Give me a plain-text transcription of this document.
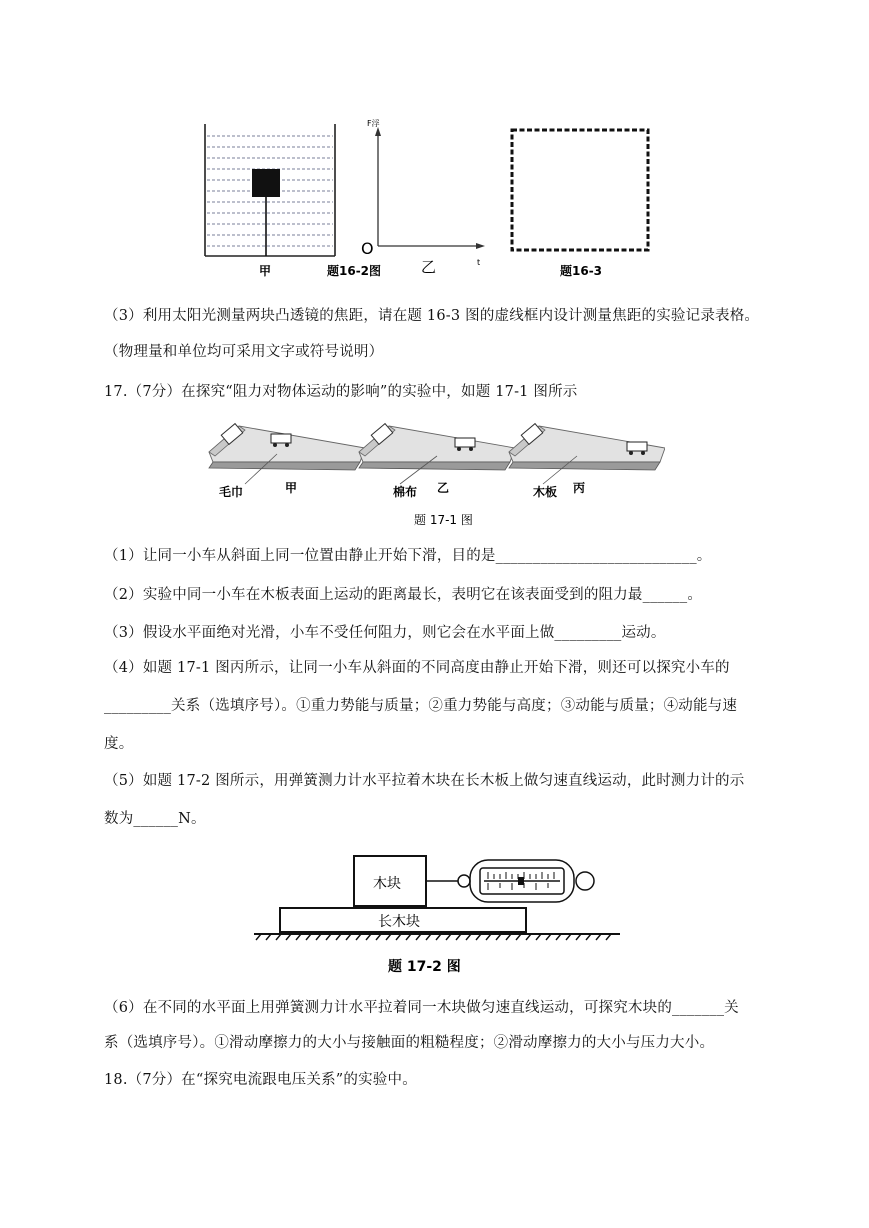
甲	题16-2图
F浮
O
乙	t
题16-3
（3）利用太阳光测量两块凸透镜的焦距，请在题 16-3 图的虚线框内设计测量焦距的实验记录表格。
（物理量和单位均可采用文字或符号说明）
17.（7分）在探究“阻力对物体运动的影响”的实验中，如题 17-1 图所示
毛巾	甲	棉布 乙	木板 丙
题 17-1 图
（1）让同一小车从斜面上同一位置由静止开始下滑，目的是___________________________。
（2）实验中同一小车在木板表面上运动的距离最长，表明它在该表面受到的阻力最______。
（3）假设水平面绝对光滑，小车不受任何阻力，则它会在水平面上做_________运动。
（4）如题 17-1 图丙所示，让同一小车从斜面的不同高度由静止开始下滑，则还可以探究小车的
_________关系（选填序号）。①重力势能与质量；②重力势能与高度；③动能与质量；④动能与速
度。
（5）如题 17-2 图所示，用弹簧测力计水平拉着木块在长木板上做匀速直线运动，此时测力计的示
数为______N。
木块
长木块
题 17-2 图
（6）在不同的水平面上用弹簧测力计水平拉着同一木块做匀速直线运动，可探究木块的_______关
系（选填序号）。①滑动摩擦力的大小与接触面的粗糙程度；②滑动摩擦力的大小与压力大小。
18.（7分）在“探究电流跟电压关系”的实验中。
